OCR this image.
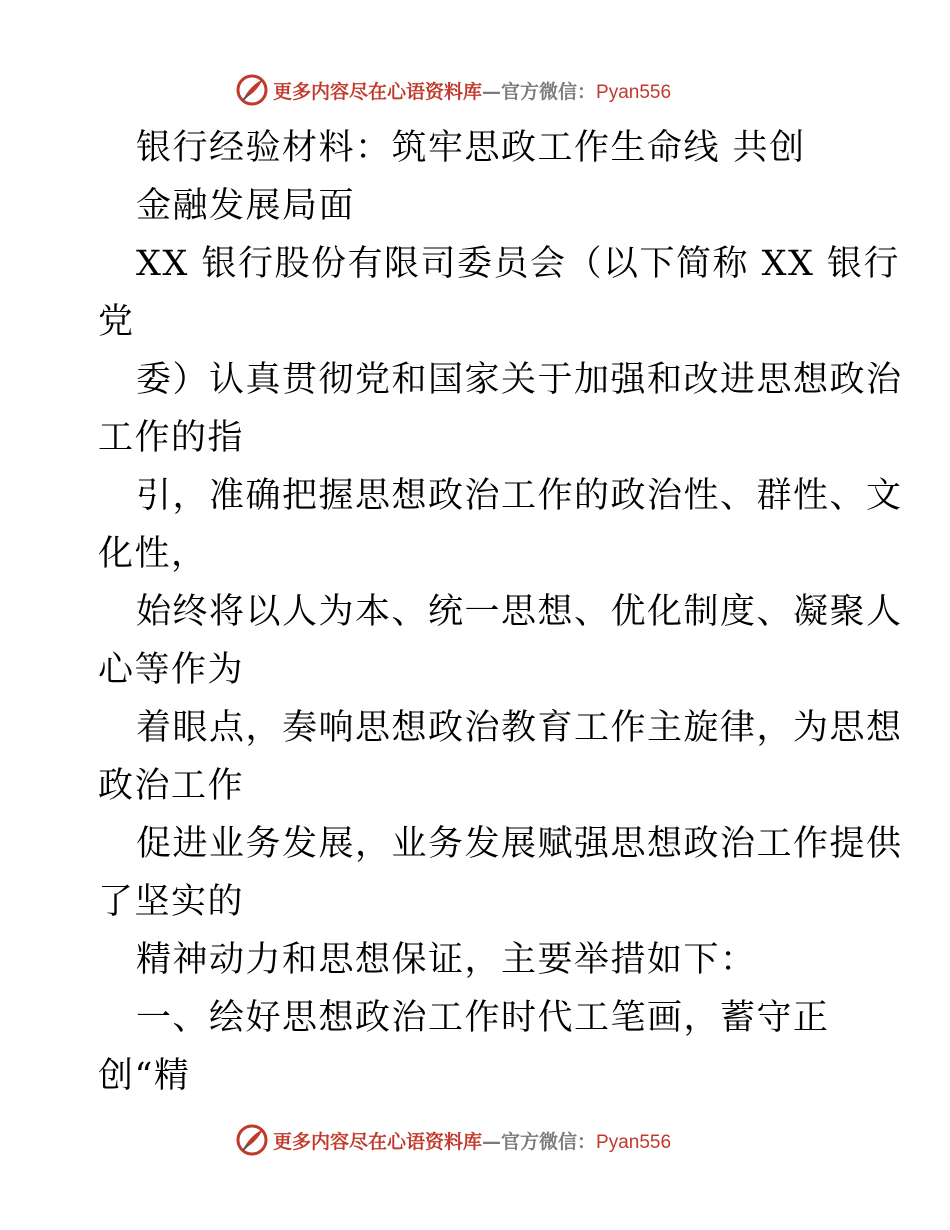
更多内容尽在心语资料库—官方微信：Pyan556
银行经验材料：筑牢思政工作生命线 共创
金融发展局面
XX 银行股份有限司委员会（以下简称 XX 银行
党
委）认真贯彻党和国家关于加强和改进思想政治
工作的指
引，准确把握思想政治工作的政治性、群性、文
化性，
始终将以人为本、统一思想、优化制度、凝聚人
心等作为
着眼点，奏响思想政治教育工作主旋律，为思想
政治工作
促进业务发展，业务发展赋强思想政治工作提供
了坚实的
精神动力和思想保证，主要举措如下：
一、绘好思想政治工作时代工笔画，蓄守正
创“精
更多内容尽在心语资料库—官方微信：Pyan556
